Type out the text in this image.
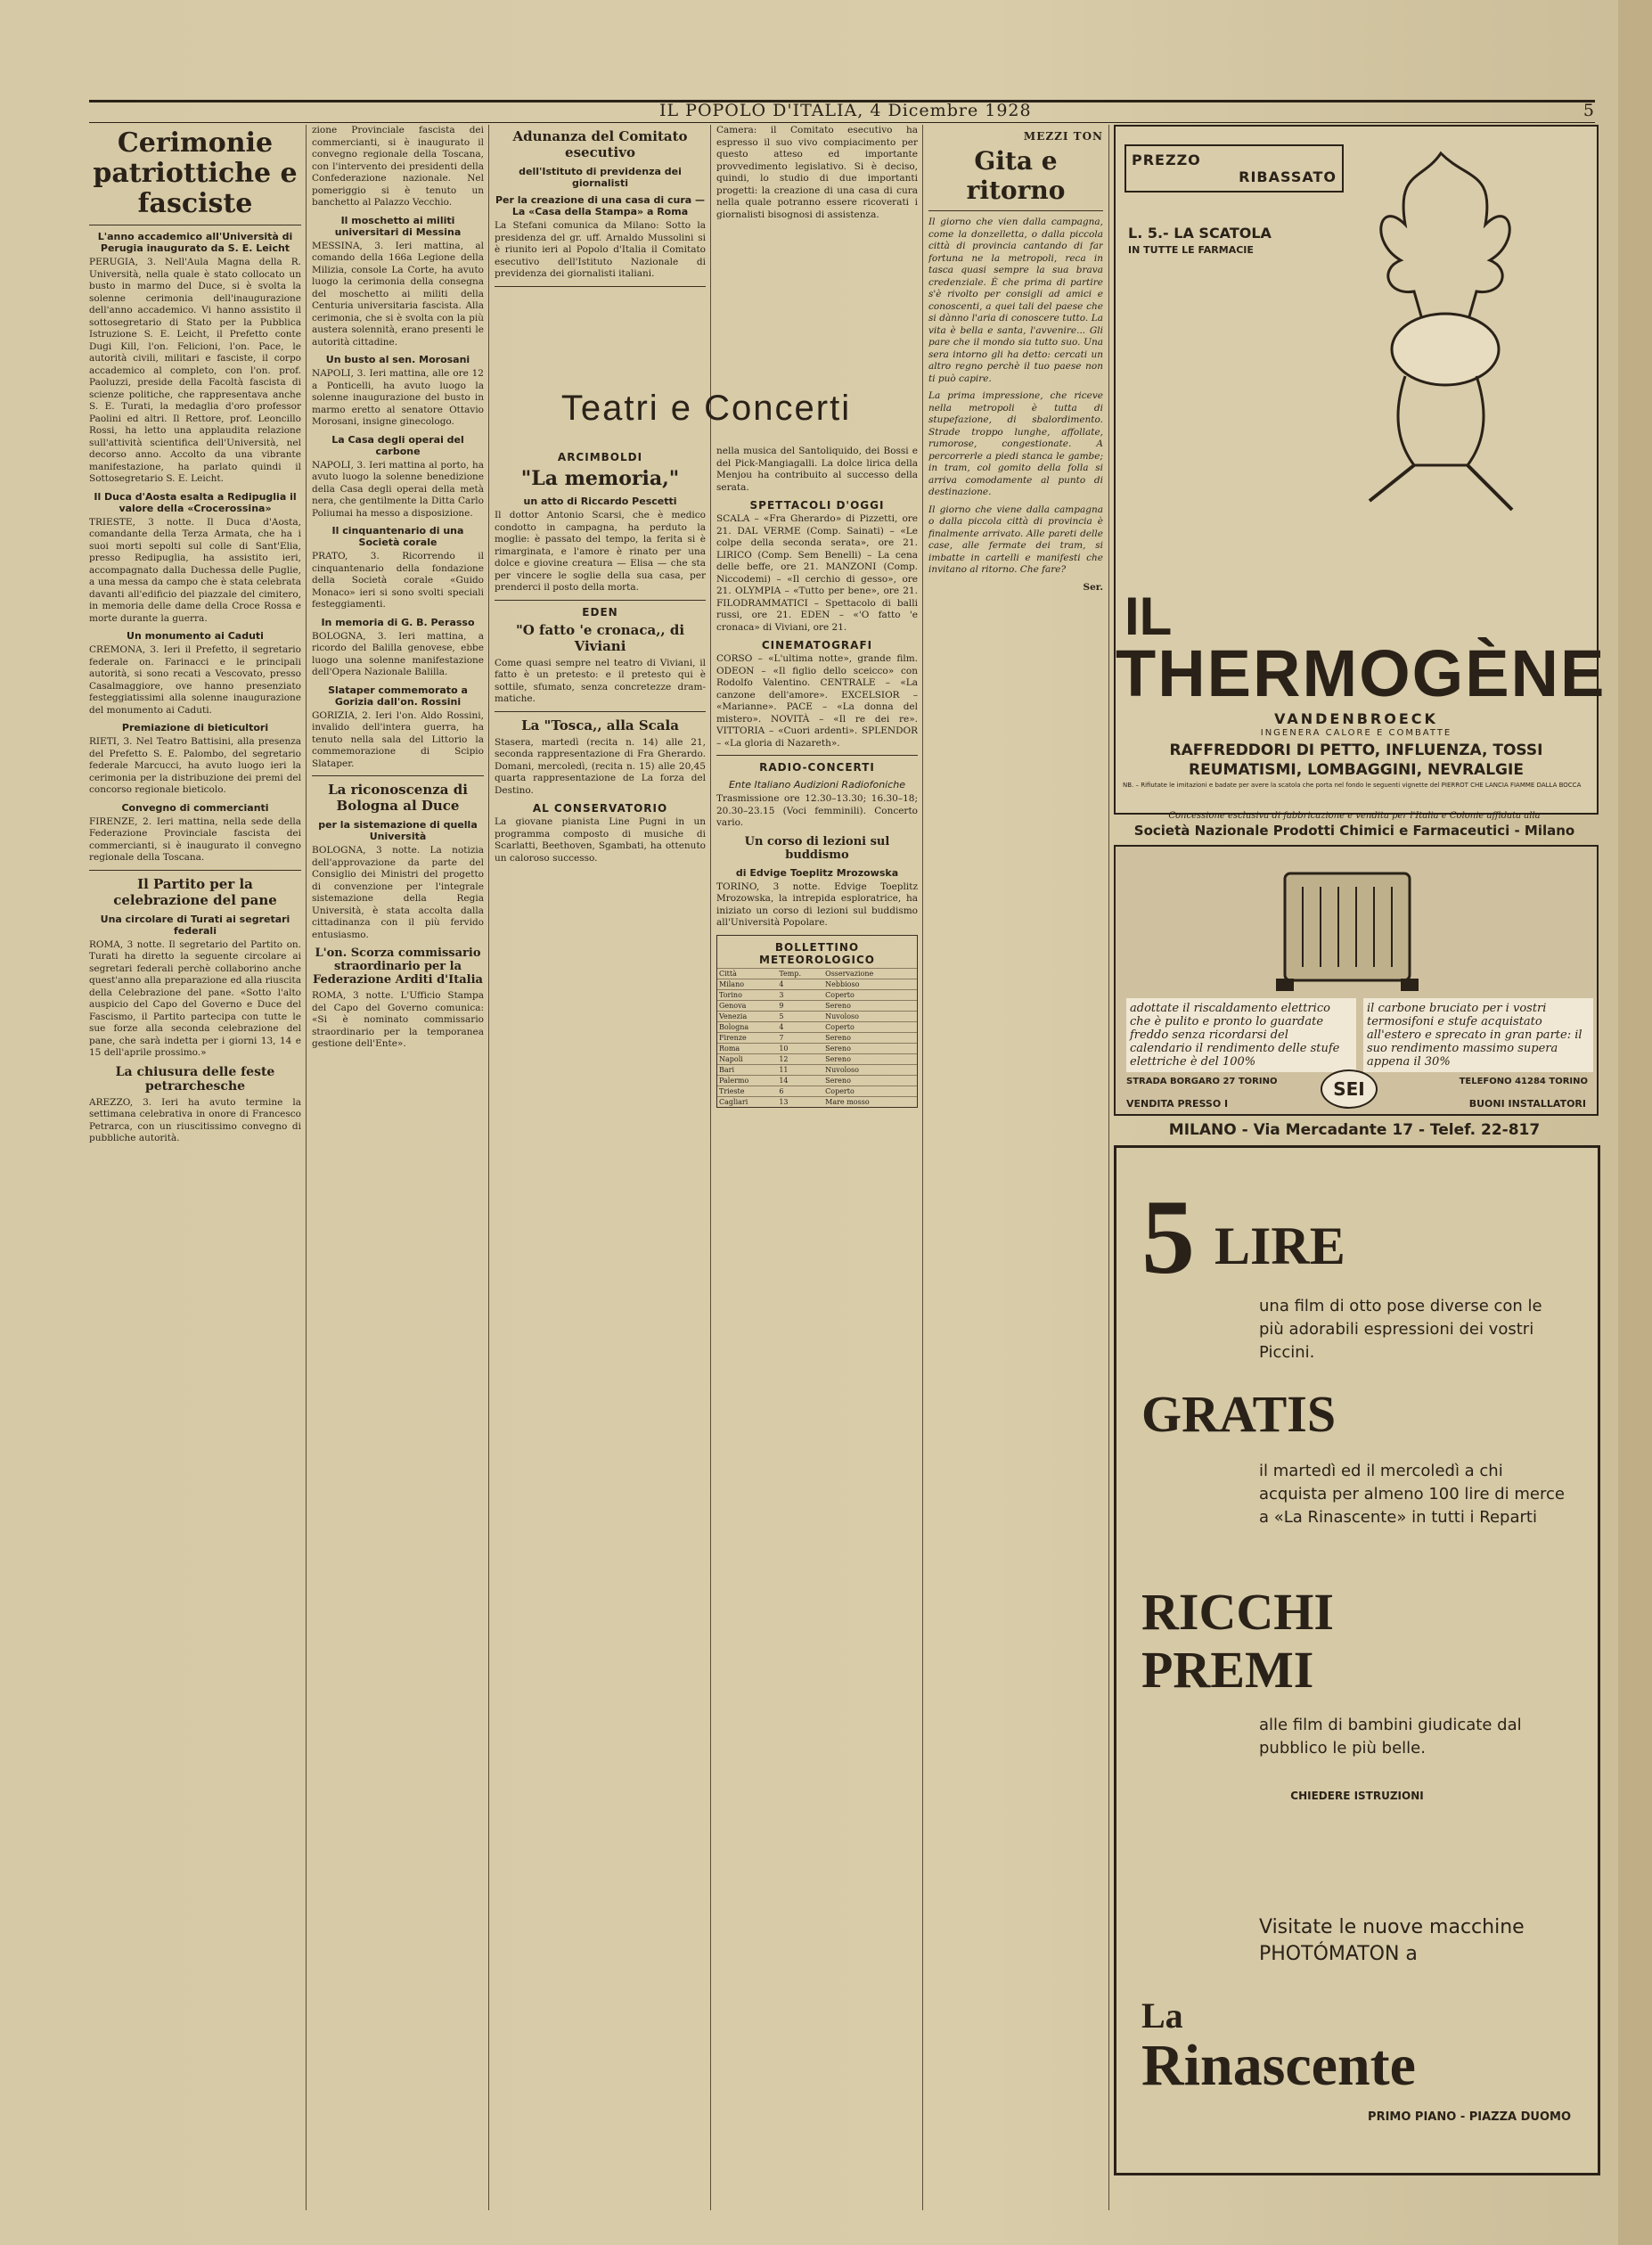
IL POPOLO D'ITALIA, 4 Dicembre 1928	5
Cerimonie patriottiche e fasciste
L'anno accademico all'Università di Perugia inaugurato da S. E. Leicht

PERUGIA, 3. Nell'Aula Magna della R. Università, nella quale è stato collocato un busto in marmo del Duce, si è svolta la solenne cerimonia dell'inaugurazione dell'anno accademico. Vi hanno assistito il sottosegretario di Stato per la Pubblica Istruzione S. E. Leicht, il Prefetto conte Dugi Kill, l'on. Felicioni, l'on. Pace, le autorità civili, militari e fasciste, il corpo accademico al completo, con l'on. prof. Paoluzzi, preside della Facoltà fascista di scienze politiche, che rappresentava anche S. E. Turati, la medaglia d'oro professor Paolini ed altri. Il Rettore, prof. Leoncillo Rossi, ha letto una applaudita relazione sull'attività scientifica dell'Università, nel decorso anno. Accolto da una vibrante manifestazione, ha parlato quindi il Sottosegretario S. E. Leicht.

Il Duca d'Aosta esalta a Redipuglia il valore della «Crocerossina»

TRIESTE, 3 notte. Il Duca d'Aosta, comandante della Terza Armata, che ha i suoi morti sepolti sul colle di Sant'Elia, presso Redipuglia, ha assistito ieri, accompagnato dalla Duchessa delle Puglie, a una messa da campo che è stata celebrata davanti all'edificio del piazzale del cimitero, in memoria delle dame della Croce Rossa e morte durante la guerra.

Un monumento ai Caduti

CREMONA, 3. Ieri il Prefetto, il segretario federale on. Farinacci e le principali autorità, si sono recati a Vescovato, presso Casalmaggiore, ove hanno presenziato festeggiatissimi alla solenne inaugurazione del monumento ai Caduti.

Premiazione di bieticultori

RIETI, 3. Nel Teatro Battisini, alla presenza del Prefetto S. E. Palombo, del segretario federale Marcucci, ha avuto luogo ieri la cerimonia per la distribuzione dei premi del concorso regionale bieticolo.

Convegno di commercianti

FIRENZE, 2. Ieri mattina, nella sede della Federazione Provinciale fascista dei commercianti, si è inaugurato il convegno regionale della Toscana.

Il Partito per la celebrazione del pane
Una circolare di Turati ai segretari federali

ROMA, 3 notte. Il segretario del Partito on. Turati ha diretto la seguente circolare ai segretari federali perchè collaborino anche quest'anno alla preparazione ed alla riuscita della Celebrazione del pane. «Sotto l'alto auspicio del Capo del Governo e Duce del Fascismo, il Partito partecipa con tutte le sue forze alla seconda celebrazione del pane, che sarà indetta per i giorni 13, 14 e 15 dell'aprile prossimo.»

La chiusura delle feste petrarchesche

AREZZO, 3. Ieri ha avuto termine la settimana celebrativa in onore di Francesco Petrarca, con un riuscitissimo convegno di pubbliche autorità.

zione Provinciale fascista dei commercianti, si è inaugurato il convegno regionale della Toscana, con l'intervento dei presidenti della Confederazione nazionale. Nel pomeriggio si è tenuto un banchetto al Palazzo Vecchio.

Il moschetto ai militi universitari di Messina

MESSINA, 3. Ieri mattina, al comando della 166a Legione della Milizia, console La Corte, ha avuto luogo la cerimonia della consegna del moschetto ai militi della Centuria universitaria fascista. Alla cerimonia, che si è svolta con la più austera solennità, erano presenti le autorità cittadine.

Un busto al sen. Morosani

NAPOLI, 3. Ieri mattina, alle ore 12 a Ponticelli, ha avuto luogo la solenne inaugurazione del busto in marmo eretto al senatore Ottavio Morosani, insigne ginecologo.

La Casa degli operai del carbone

NAPOLI, 3. Ieri mattina al porto, ha avuto luogo la solenne benedizione della Casa degli operai della metà nera, che gentilmente la Ditta Carlo Poliumai ha messo a disposizione.

Il cinquantenario di una Società corale

PRATO, 3. Ricorrendo il cinquantenario della fondazione della Società corale «Guido Monaco» ieri si sono svolti speciali festeggiamenti.

In memoria di G. B. Perasso

BOLOGNA, 3. Ieri mattina, a ricordo del Balilla genovese, ebbe luogo una solenne manifestazione dell'Opera Nazionale Balilla.

Slataper commemorato a Gorizia dall'on. Rossini

GORIZIA, 2. Ieri l'on. Aldo Rossini, invalido dell'intera guerra, ha tenuto nella sala del Littorio la commemorazione di Scipio Slataper.

La riconoscenza di Bologna al Duce
per la sistemazione di quella Università

BOLOGNA, 3 notte. La notizia dell'approvazione da parte del Consiglio dei Ministri del progetto di convenzione per l'integrale sistemazione della Regia Università, è stata accolta dalla cittadinanza con il più fervido entusiasmo.

L'on. Scorza commissario straordinario per la Federazione Arditi d'Italia

ROMA, 3 notte. L'Ufficio Stampa del Capo del Governo comunica: «Si è nominato commissario straordinario per la temporanea gestione dell'Ente».

Adunanza del Comitato esecutivo
dell'Istituto di previdenza dei giornalisti
Per la creazione di una casa di cura — La «Casa della Stampa» a Roma

La Stefani comunica da Milano: Sotto la presidenza del gr. uff. Arnaldo Mussolini si è riunito ieri al Popolo d'Italia il Comitato esecutivo dell'Istituto Nazionale di previdenza dei giornalisti italiani.

Teatri e Concerti
ARCIMBOLDI
"La memoria,"
un atto di Riccardo Pescetti

Il dottor Antonio Scarsi, che è medico condotto in campagna, ha perduto la moglie: è passato del tempo, la ferita si è rimarginata, e l'amore è rinato per una dolce e giovine creatura — Elisa — che sta per vincere le soglie della sua casa, per prenderci il posto della morta.

EDEN
"O fatto 'e cronaca,, di Viviani

Come quasi sempre nel teatro di Viviani, il fatto è un pretesto: e il pretesto qui è sottile, sfumato, senza concretezze drammatiche.

La "Tosca,, alla Scala

Stasera, martedì (recita n. 14) alle 21, seconda rappresentazione di Fra Gherardo. Domani, mercoledì, (recita n. 15) alle 20,45 quarta rappresentazione de La forza del Destino.

AL CONSERVATORIO

La giovane pianista Line Pugni in un programma composto di musiche di Scarlatti, Beethoven, Sgambati, ha ottenuto un caloroso successo.

Camera: il Comitato esecutivo ha espresso il suo vivo compiacimento per questo atteso ed importante provvedimento legislativo. Si è deciso, quindi, lo studio di due importanti progetti: la creazione di una casa di cura nella quale potranno essere ricoverati i giornalisti bisognosi di assistenza.

nella musica del Santoliquido, dei Bossi e del Pick-Mangiagalli. La dolce lirica della Menjou ha contribuito al successo della serata.

SPETTACOLI D'OGGI

SCALA – «Fra Gherardo» di Pizzetti, ore 21. DAL VERME (Comp. Sainati) – «Le colpe della seconda serata», ore 21. LIRICO (Comp. Sem Benelli) – La cena delle beffe, ore 21. MANZONI (Comp. Niccodemi) – «Il cerchio di gesso», ore 21. OLYMPIA – «Tutto per bene», ore 21. FILODRAMMATICI – Spettacolo di balli russi, ore 21. EDEN – «'O fatto 'e cronaca» di Viviani, ore 21.

CINEMATOGRAFI

CORSO – «L'ultima notte», grande film. ODEON – «Il figlio dello sceicco» con Rodolfo Valentino. CENTRALE – «La canzone dell'amore». EXCELSIOR – «Marianne». PACE – «La donna del mistero». NOVITÀ – «Il re dei re». VITTORIA – «Cuori ardenti». SPLENDOR – «La gloria di Nazareth».

RADIO-CONCERTI
Ente Italiano Audizioni Radiofoniche

Trasmissione ore 12.30–13.30; 16.30–18; 20.30–23.15 (Voci femminili). Concerto vario.

Un corso di lezioni sul buddismo
di Edvige Toeplitz Mrozowska

TORINO, 3 notte. Edvige Toeplitz Mrozowska, la intrepida esploratrice, ha iniziato un corso di lezioni sul buddismo all'Università Popolare.

BOLLETTINO METEOROLOGICO
Città	Temp.	Osservazione
Milano	4	Nebbioso
Torino	3	Coperto
Genova	9	Sereno
Venezia	5	Nuvoloso
Bologna	4	Coperto
Firenze	7	Sereno
Roma	10	Sereno
Napoli	12	Sereno
Bari	11	Nuvoloso
Palermo	14	Sereno
Trieste	6	Coperto
Cagliari	13	Mare mosso
MEZZI TON
Gita e ritorno

Il giorno che vien dalla campagna, come la donzelletta, o dalla piccola città di provincia cantando di far fortuna ne la metropoli, reca in tasca quasi sempre la sua brava credenziale. È che prima di partire s'è rivolto per consigli ad amici e conoscenti, a quei tali del paese che si dànno l'aria di conoscere tutto. La vita è bella e santa, l'avvenire... Gli pare che il mondo sia tutto suo. Una sera intorno gli ha detto: cercati un altro regno perchè il tuo paese non ti può capire.

La prima impressione, che riceve nella metropoli è tutta di stupefazione, di sbalordimento. Strade troppo lunghe, affollate, rumorose, congestionate. A percorrerle a piedi stanca le gambe; in tram, col gomito della folla si arriva comodamente al punto di destinazione.

Il giorno che viene dalla campagna o dalla piccola città di provincia è finalmente arrivato. Alle pareti delle case, alle fermate dei tram, si imbatte in cartelli e manifesti che invitano al ritorno. Che fare?

Ser.

PREZZO
RIBASSATO
L. 5.- LA SCATOLA
IN TUTTE LE FARMACIE
IL
THERMOGÈNE
VANDENBROECK
INGENERA CALORE E COMBATTE
RAFFREDDORI DI PETTO, INFLUENZA, TOSSI
REUMATISMI, LOMBAGGINI, NEVRALGIE
NB. – Rifiutate le imitazioni e badate per avere la scatola che porta nel fondo le seguenti vignette del PIERROT CHE LANCIA FIAMME DALLA BOCCA
Concessione esclusiva di fabbricazione e vendita per l'Italia e Colonie affidata alla
Società Nazionale Prodotti Chimici e Farmaceutici - Milano
adottate il riscaldamento elettrico che è pulito e pronto lo guardate freddo senza ricordarsi del calendario il rendimento delle stufe elettriche è del 100%
il carbone bruciato per i vostri termosifoni e stufe acquistato all'estero e sprecato in gran parte: il suo rendimento massimo supera appena il 30%
STRADA BORGARO 27 TORINO	SEI	TELEFONO 41284 TORINO
VENDITA PRESSO I	BUONI INSTALLATORI
MILANO - Via Mercadante 17 - Telef. 22-817
5 LIRE
una film di otto pose diverse con le più adorabili espressioni dei vostri Piccini.
GRATIS
il martedì ed il mercoledì a chi acquista per almeno 100 lire di merce a «La Rinascente» in tutti i Reparti
RICCHI
PREMI
alle film di bambini giudicate dal pubblico le più belle.
CHIEDERE ISTRUZIONI
Visitate le nuove macchine PHOTÓMATON a
La
Rinascente
PRIMO PIANO - PIAZZA DUOMO
